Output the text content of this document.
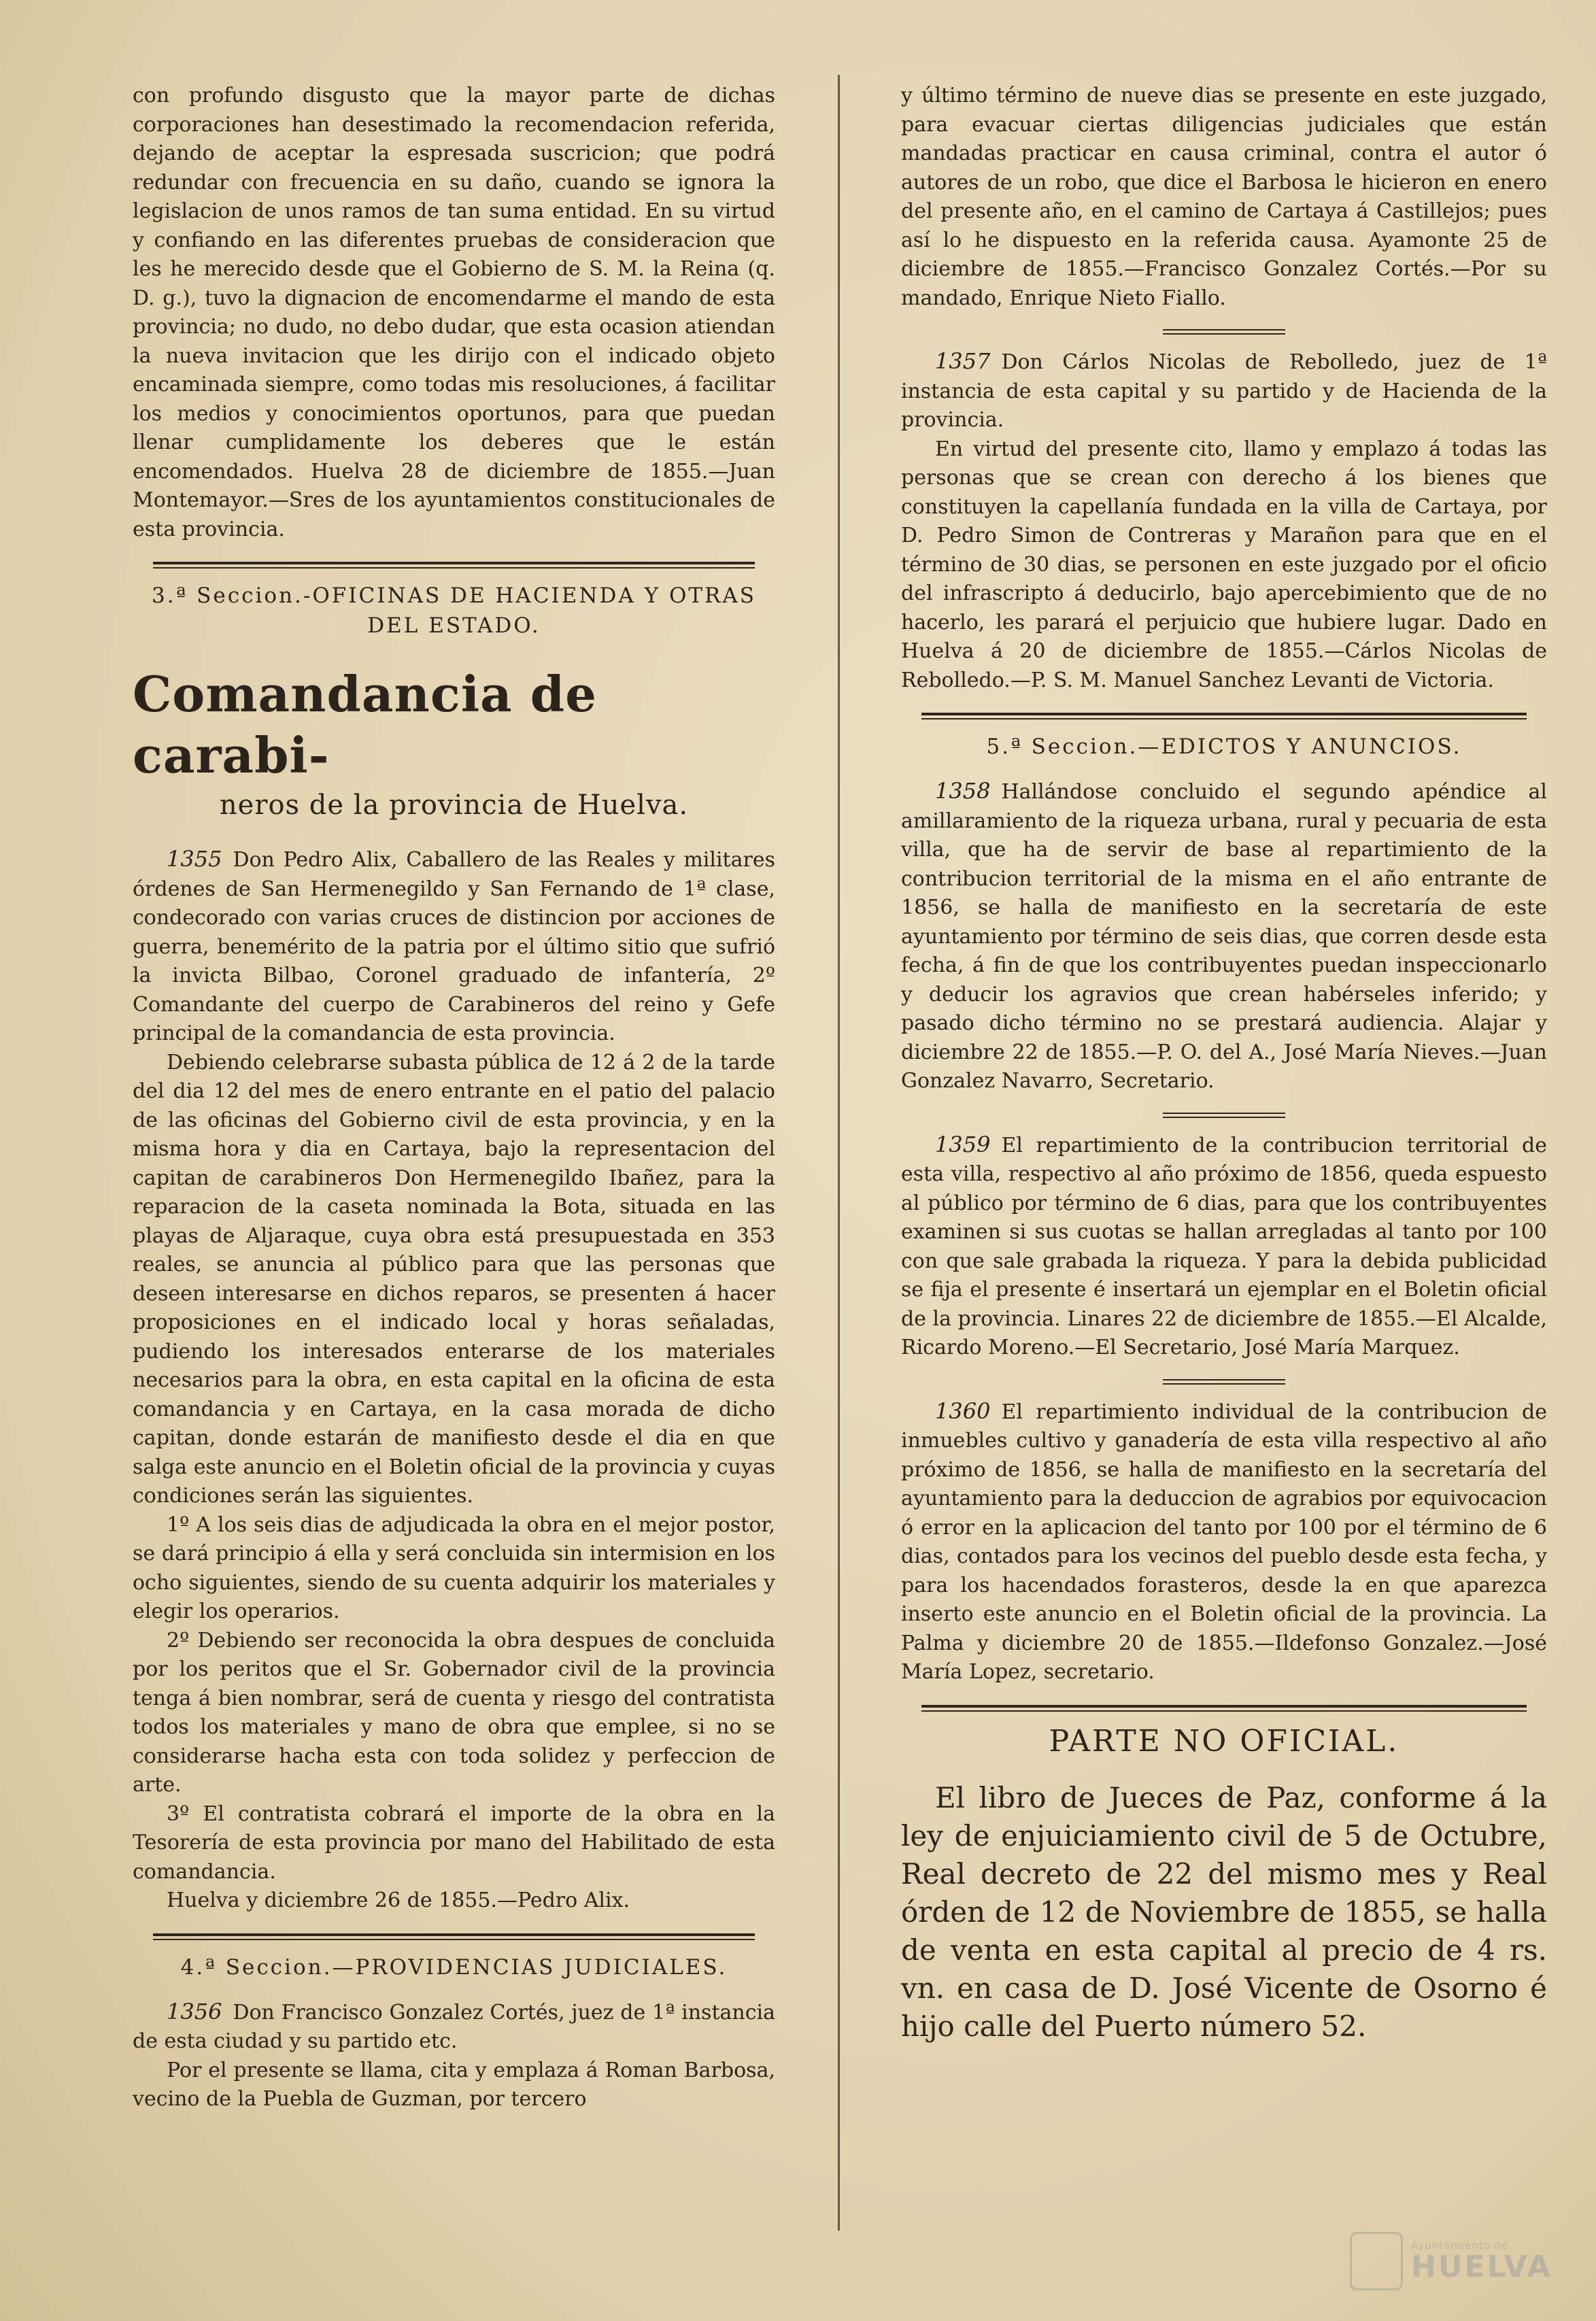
con profundo disgusto que la mayor parte de dichas corporaciones han desestimado la recomendacion referida, dejando de aceptar la espresada suscricion; que podrá redundar con frecuencia en su daño, cuando se ignora la legislacion de unos ramos de tan suma entidad. En su virtud y confiando en las diferentes pruebas de consideracion que les he merecido desde que el Gobierno de S. M. la Reina (q. D. g.), tuvo la dignacion de encomendarme el mando de esta provincia; no dudo, no debo dudar, que esta ocasion atiendan la nueva invitacion que les dirijo con el indicado objeto encaminada siempre, como todas mis resoluciones, á facilitar los medios y conocimientos oportunos, para que puedan llenar cumplidamente los deberes que le están encomendados. Huelva 28 de diciembre de 1855.—Juan Montemayor.—Sres de los ayuntamientos constitucionales de esta provincia.

3.ª Seccion.-OFICINAS DE HACIENDA Y OTRAS DEL ESTADO.
Comandancia de carabi-
neros de la provincia de Huelva.

1355 Don Pedro Alix, Caballero de las Reales y militares órdenes de San Hermenegildo y San Fernando de 1ª clase, condecorado con varias cruces de distincion por acciones de guerra, benemérito de la patria por el último sitio que sufrió la invicta Bilbao, Coronel graduado de infantería, 2º Comandante del cuerpo de Carabineros del reino y Gefe principal de la comandancia de esta provincia.

Debiendo celebrarse subasta pública de 12 á 2 de la tarde del dia 12 del mes de enero entrante en el patio del palacio de las oficinas del Gobierno civil de esta provincia, y en la misma hora y dia en Cartaya, bajo la representacion del capitan de carabineros Don Hermenegildo Ibañez, para la reparacion de la caseta nominada la Bota, situada en las playas de Aljaraque, cuya obra está presupuestada en 353 reales, se anuncia al público para que las personas que deseen interesarse en dichos reparos, se presenten á hacer proposiciones en el indicado local y horas señaladas, pudiendo los interesados enterarse de los materiales necesarios para la obra, en esta capital en la oficina de esta comandancia y en Cartaya, en la casa morada de dicho capitan, donde estarán de manifiesto desde el dia en que salga este anuncio en el Boletin oficial de la provincia y cuyas condiciones serán las siguientes.

1º A los seis dias de adjudicada la obra en el mejor postor, se dará principio á ella y será concluida sin intermision en los ocho siguientes, siendo de su cuenta adquirir los materiales y elegir los operarios.

2º Debiendo ser reconocida la obra despues de concluida por los peritos que el Sr. Gobernador civil de la provincia tenga á bien nombrar, será de cuenta y riesgo del contratista todos los materiales y mano de obra que emplee, si no se considerarse hacha esta con toda solidez y perfeccion de arte.

3º El contratista cobrará el importe de la obra en la Tesorería de esta provincia por mano del Habilitado de esta comandancia.

Huelva y diciembre 26 de 1855.—Pedro Alix.

4.ª Seccion.—PROVIDENCIAS JUDICIALES.

1356 Don Francisco Gonzalez Cortés, juez de 1ª instancia de esta ciudad y su partido etc.

Por el presente se llama, cita y emplaza á Roman Barbosa, vecino de la Puebla de Guzman, por tercero

y último término de nueve dias se presente en este juzgado, para evacuar ciertas diligencias judiciales que están mandadas practicar en causa criminal, contra el autor ó autores de un robo, que dice el Barbosa le hicieron en enero del presente año, en el camino de Cartaya á Castillejos; pues así lo he dispuesto en la referida causa. Ayamonte 25 de diciembre de 1855.—Francisco Gonzalez Cortés.—Por su mandado, Enrique Nieto Fiallo.

1357 Don Cárlos Nicolas de Rebolledo, juez de 1ª instancia de esta capital y su partido y de Hacienda de la provincia.

En virtud del presente cito, llamo y emplazo á todas las personas que se crean con derecho á los bienes que constituyen la capellanía fundada en la villa de Cartaya, por D. Pedro Simon de Contreras y Marañon para que en el término de 30 dias, se personen en este juzgado por el oficio del infrascripto á deducirlo, bajo apercebimiento que de no hacerlo, les parará el perjuicio que hubiere lugar. Dado en Huelva á 20 de diciembre de 1855.—Cárlos Nicolas de Rebolledo.—P. S. M. Manuel Sanchez Levanti de Victoria.

5.ª Seccion.—EDICTOS Y ANUNCIOS.

1358 Hallándose concluido el segundo apéndice al amillaramiento de la riqueza urbana, rural y pecuaria de esta villa, que ha de servir de base al repartimiento de la contribucion territorial de la misma en el año entrante de 1856, se halla de manifiesto en la secretaría de este ayuntamiento por término de seis dias, que corren desde esta fecha, á fin de que los contribuyentes puedan inspeccionarlo y deducir los agravios que crean habérseles inferido; y pasado dicho término no se prestará audiencia. Alajar y diciembre 22 de 1855.—P. O. del A., José María Nieves.—Juan Gonzalez Navarro, Secretario.

1359 El repartimiento de la contribucion territorial de esta villa, respectivo al año próximo de 1856, queda espuesto al público por término de 6 dias, para que los contribuyentes examinen si sus cuotas se hallan arregladas al tanto por 100 con que sale grabada la riqueza. Y para la debida publicidad se fija el presente é insertará un ejemplar en el Boletin oficial de la provincia. Linares 22 de diciembre de 1855.—El Alcalde, Ricardo Moreno.—El Secretario, José María Marquez.

1360 El repartimiento individual de la contribucion de inmuebles cultivo y ganadería de esta villa respectivo al año próximo de 1856, se halla de manifiesto en la secretaría del ayuntamiento para la deduccion de agrabios por equivocacion ó error en la aplicacion del tanto por 100 por el término de 6 dias, contados para los vecinos del pueblo desde esta fecha, y para los hacendados forasteros, desde la en que aparezca inserto este anuncio en el Boletin oficial de la provincia. La Palma y diciembre 20 de 1855.—Ildefonso Gonzalez.—José María Lopez, secretario.

PARTE NO OFICIAL.

El libro de Jueces de Paz, conforme á la ley de enjuiciamiento civil de 5 de Octubre, Real decreto de 22 del mismo mes y Real órden de 12 de Noviembre de 1855, se halla de venta en esta capital al precio de 4 rs. vn. en casa de D. José Vicente de Osorno é hijo calle del Puerto número 52.

Ayuntamiento de
HUELVA
